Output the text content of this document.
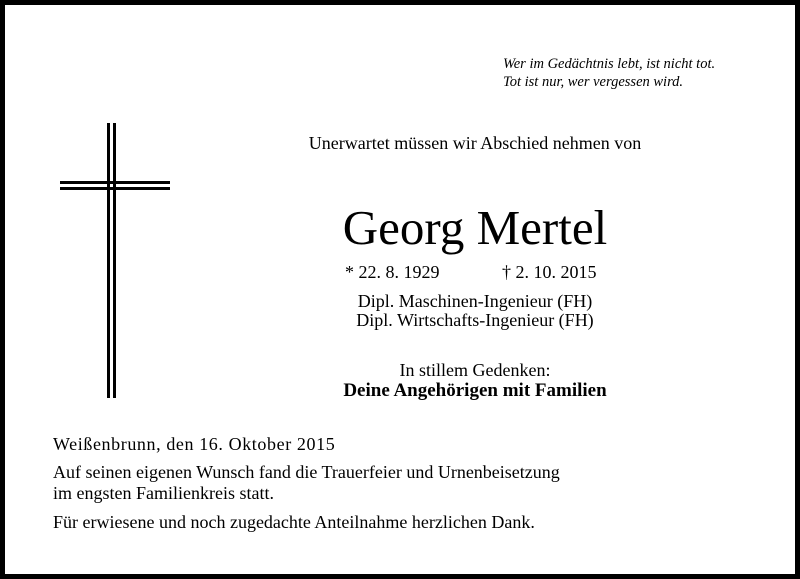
Wer im Gedächtnis lebt, ist nicht tot.
Tot ist nur, wer vergessen wird.
Unerwartet müssen wir Abschied nehmen von
Georg Mertel
* 22. 8. 1929	† 2. 10. 2015
Dipl. Maschinen-Ingenieur (FH)
Dipl. Wirtschafts-Ingenieur (FH)
In stillem Gedenken:
Deine Angehörigen mit Familien
Weißenbrunn, den 16. Oktober 2015
Auf seinen eigenen Wunsch fand die Trauerfeier und Urnenbeisetzung
im engsten Familienkreis statt.
Für erwiesene und noch zugedachte Anteilnahme herzlichen Dank.
